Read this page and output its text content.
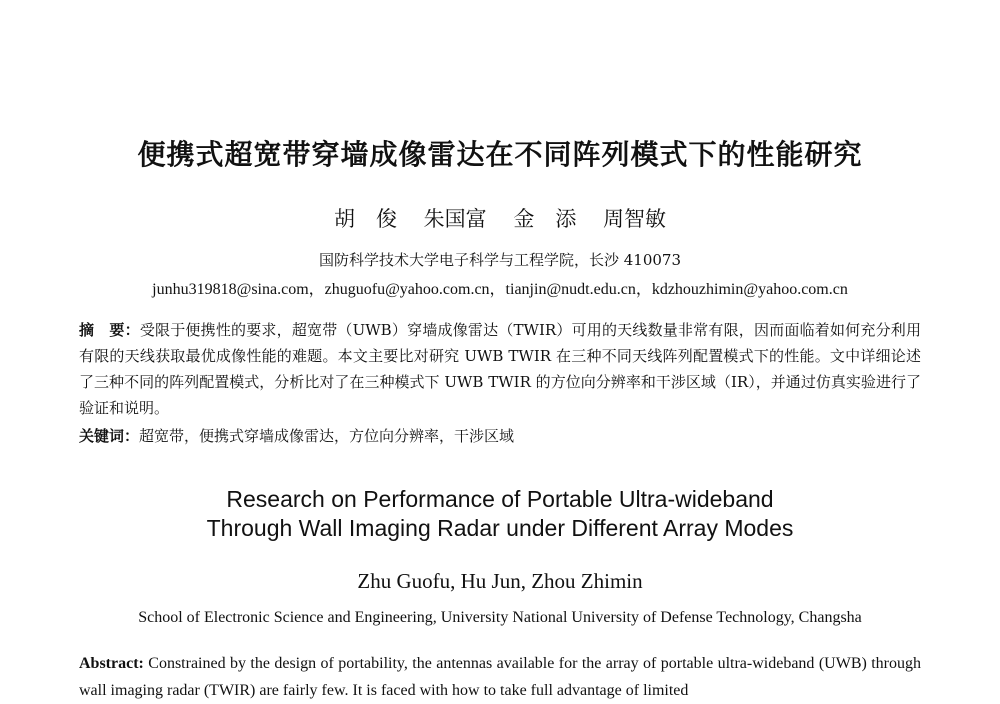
便携式超宽带穿墙成像雷达在不同阵列模式下的性能研究
胡　俊 朱国富 金　添 周智敏
国防科学技术大学电子科学与工程学院，长沙 410073
junhu319818@sina.com，zhuguofu@yahoo.com.cn，tianjin@nudt.edu.cn，kdzhouzhimin@yahoo.com.cn
摘　要：受限于便携性的要求，超宽带（UWB）穿墙成像雷达（TWIR）可用的天线数量非常有限，因而面临着如何充分利用有限的天线获取最优成像性能的难题。本文主要比对研究 UWB TWIR 在三种不同天线阵列配置模式下的性能。文中详细论述了三种不同的阵列配置模式，分析比对了在三种模式下 UWB TWIR 的方位向分辨率和干涉区域（IR），并通过仿真实验进行了验证和说明。
关键词：超宽带，便携式穿墙成像雷达，方位向分辨率，干涉区域
Research on Performance of Portable Ultra-wideband
Through Wall Imaging Radar under Different Array Modes
Zhu Guofu, Hu Jun, Zhou Zhimin
School of Electronic Science and Engineering, University National University of Defense Technology, Changsha
Abstract: Constrained by the design of portability, the antennas available for the array of portable ultra-wideband (UWB) through wall imaging radar (TWIR) are fairly few. It is faced with how to take full advantage of limited
